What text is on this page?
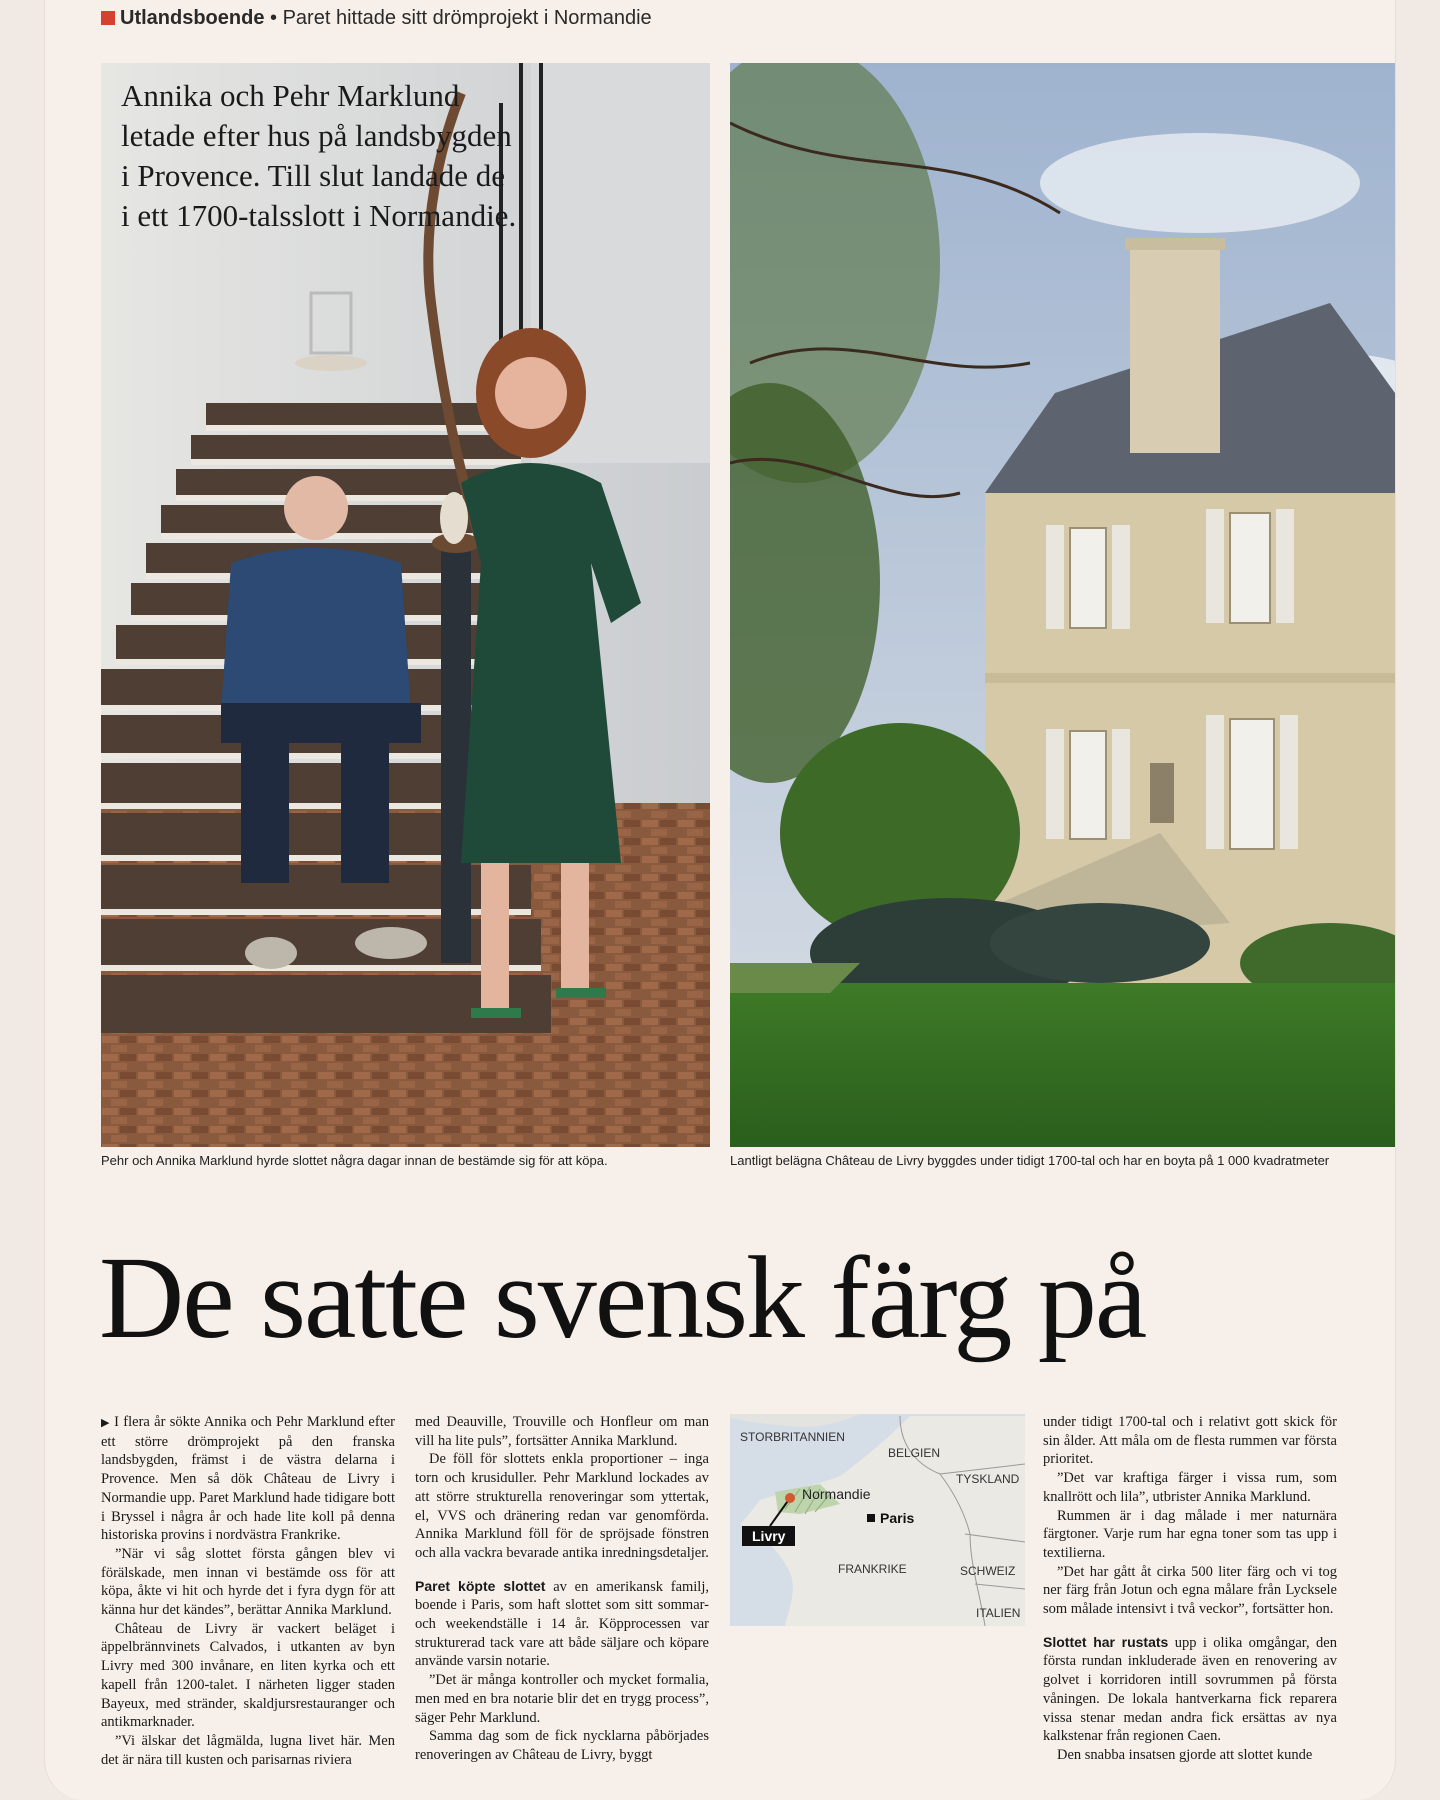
Utlandsboende • Paret hittade sitt drömprojekt i Normandie
Annika och Pehr Marklund letade efter hus på landsbygden i Provence. Till slut landade de i ett 1700-talsslott i Normandie.
Pehr och Annika Marklund hyrde slottet några dagar innan de bestämde sig för att köpa.	Lantligt belägna Château de Livry byggdes under tidigt 1700-tal och har en boyta på 1 000 kvadratmeter
De satte svensk färg på

▶ I flera år sökte Annika och Pehr Marklund efter ett större drömprojekt på den franska landsbygden, främst i de västra delarna i Provence. Men så dök Château de Livry i Normandie upp. Paret Marklund hade tidigare bott i Bryssel i några år och hade lite koll på denna historiska provins i nordvästra Frankrike.

”När vi såg slottet första gången blev vi förälskade, men innan vi bestämde oss för att köpa, åkte vi hit och hyrde det i fyra dygn för att känna hur det kändes”, berättar Annika Marklund.

Château de Livry är vackert beläget i äppelbrännvinets Calvados, i utkanten av byn Livry med 300 invånare, en liten kyrka och ett kapell från 1200-talet. I närheten ligger staden Bayeux, med stränder, skaldjursrestauranger och antikmarknader.

”Vi älskar det lågmälda, lugna livet här. Men det är nära till kusten och parisarnas riviera

med Deauville, Trouville och Honfleur om man vill ha lite puls”, fortsätter Annika Marklund.

De föll för slottets enkla proportioner – inga torn och krusiduller. Pehr Marklund lockades av att större strukturella renoveringar som yttertak, el, VVS och dränering redan var genomförda. Annika Marklund föll för de spröjsade fönstren och alla vackra bevarade antika inredningsdetaljer.

Paret köpte slottet av en amerikansk familj, boende i Paris, som haft slottet som sitt sommar- och weekendställe i 14 år. Köpprocessen var strukturerad tack vare att både säljare och köpare använde varsin notarie.

”Det är många kontroller och mycket formalia, men med en bra notarie blir det en trygg process”, säger Pehr Marklund.

Samma dag som de fick nycklarna påbörjades renoveringen av Château de Livry, byggt

STORBRITANNIEN
BELGIEN
TYSKLAND
Normandie
Paris
FRANKRIKE	SCHWEIZ
ITALIEN
Livry

under tidigt 1700-tal och i relativt gott skick för sin ålder. Att måla om de flesta rummen var första prioritet.

”Det var kraftiga färger i vissa rum, som knallrött och lila”, utbrister Annika Marklund.

Rummen är i dag målade i mer naturnära färgtoner. Varje rum har egna toner som tas upp i textilierna.

”Det har gått åt cirka 500 liter färg och vi tog ner färg från Jotun och egna målare från Lycksele som målade intensivt i två veckor”, fortsätter hon.

Slottet har rustats upp i olika omgångar, den första rundan inkluderade även en renovering av golvet i korridoren intill sovrummen på första våningen. De lokala hantverkarna fick reparera vissa stenar medan andra fick ersättas av nya kalkstenar från regionen Caen.

Den snabba insatsen gjorde att slottet kunde
